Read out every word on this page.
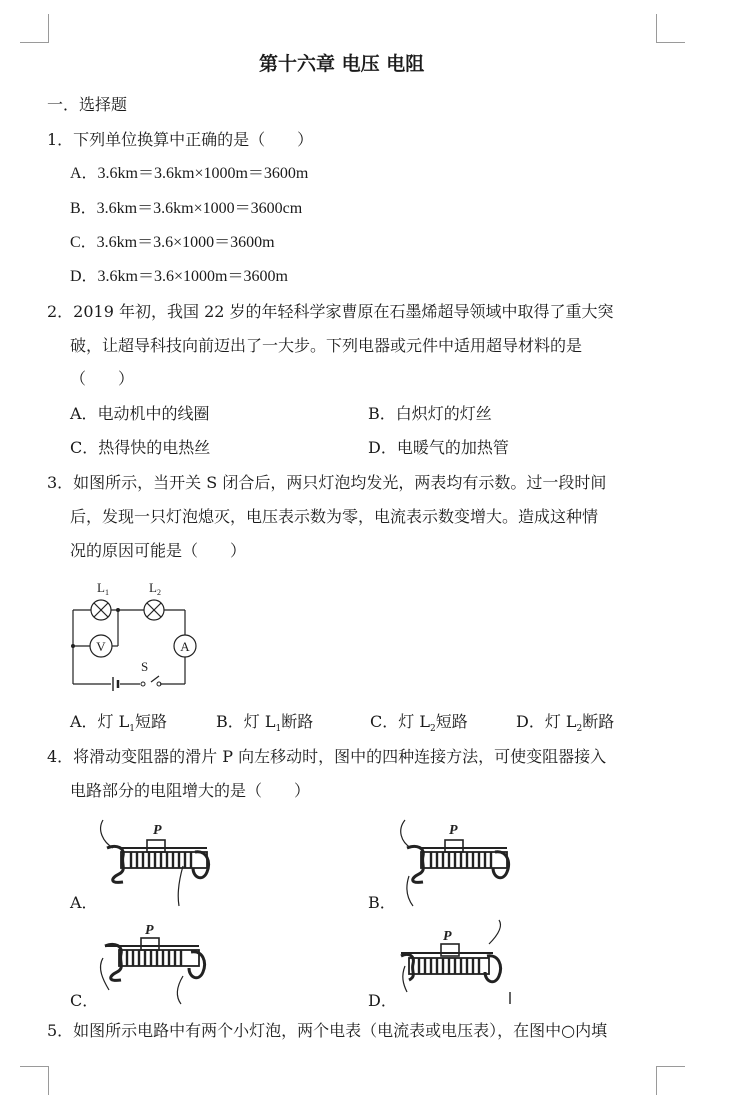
第十六章 电压 电阻
一．选择题
1．下列单位换算中正确的是（　　）
A．3.6km＝3.6km×1000m＝3600m
B．3.6km＝3.6km×1000＝3600cm
C．3.6km＝3.6×1000＝3600m
D．3.6km＝3.6×1000m＝3600m
2．2019 年初，我国 22 岁的年轻科学家曹原在石墨烯超导领域中取得了重大突
破，让超导科技向前迈出了一大步。下列电器或元件中适用超导材料的是
（　　）
A．电动机中的线圈	B．白炽灯的灯丝
C．热得快的电热丝	D．电暖气的加热管
3．如图所示，当开关 S 闭合后，两只灯泡均发光，两表均有示数。过一段时间
后，发现一只灯泡熄灭，电压表示数为零，电流表示数变增大。造成这种情
况的原因可能是（　　）
V	A
L 1	L 2
S
A．灯 $L_1$短路	B．灯 $L_1$断路	C．灯 $L_2$短路	D．灯 $L_2$断路
4．将滑动变阻器的滑片 P 向左移动时，图中的四种连接方法，可使变阻器接入
电路部分的电阻增大的是（　　）
P
A．
P
B．
P
C．
P
D．
5．如图所示电路中有两个小灯泡，两个电表（电流表或电压表），在图中○内填
